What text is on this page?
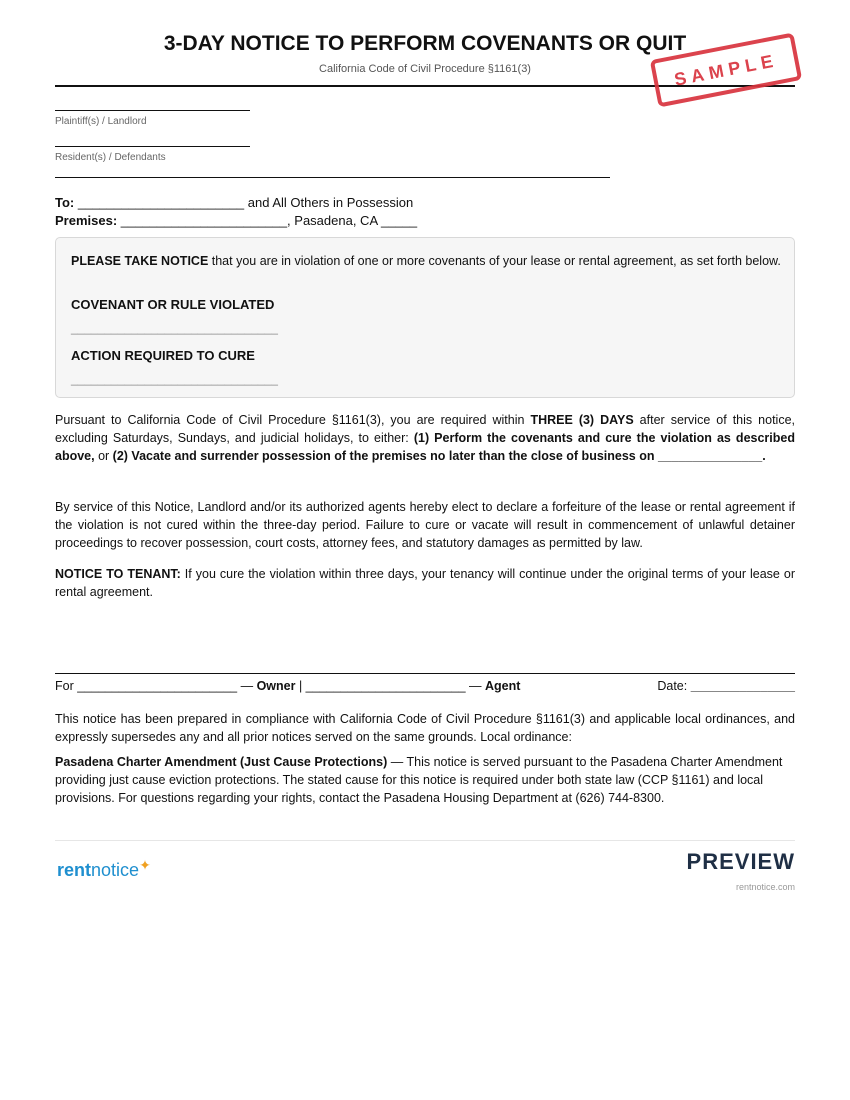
3-DAY NOTICE TO PERFORM COVENANTS OR QUIT
California Code of Civil Procedure §1161(3)
Plaintiff(s) / Landlord
Resident(s) / Defendants
To: _______________________ and All Others in Possession
Premises: _______________________, Pasadena, CA _____
PLEASE TAKE NOTICE that you are in violation of one or more covenants of your lease or rental agreement, as set forth below.
COVENANT OR RULE VIOLATED
_______________________________
ACTION REQUIRED TO CURE
_______________________________
Pursuant to California Code of Civil Procedure §1161(3), you are required within THREE (3) DAYS after service of this notice, excluding Saturdays, Sundays, and judicial holidays, to either: (1) Perform the covenants and cure the violation as described above, or (2) Vacate and surrender possession of the premises no later than the close of business on _______________.
By service of this Notice, Landlord and/or its authorized agents hereby elect to declare a forfeiture of the lease or rental agreement if the violation is not cured within the three-day period. Failure to cure or vacate will result in commencement of unlawful detainer proceedings to recover possession, court costs, attorney fees, and statutory damages as permitted by law.
NOTICE TO TENANT: If you cure the violation within three days, your tenancy will continue under the original terms of your lease or rental agreement.
For _______________________ — Owner | _______________________ — Agent	Date: _______________
This notice has been prepared in compliance with California Code of Civil Procedure §1161(3) and applicable local ordinances, and expressly supersedes any and all prior notices served on the same grounds. Local ordinance:
Pasadena Charter Amendment (Just Cause Protections) — This notice is served pursuant to the Pasadena Charter Amendment providing just cause eviction protections. The stated cause for this notice is required under both state law (CCP §1161) and local provisions. For questions regarding your rights, contact the Pasadena Housing Department at (626) 744-8300.
rentnotice✦	PREVIEW
rentnotice.com
SAMPLE
